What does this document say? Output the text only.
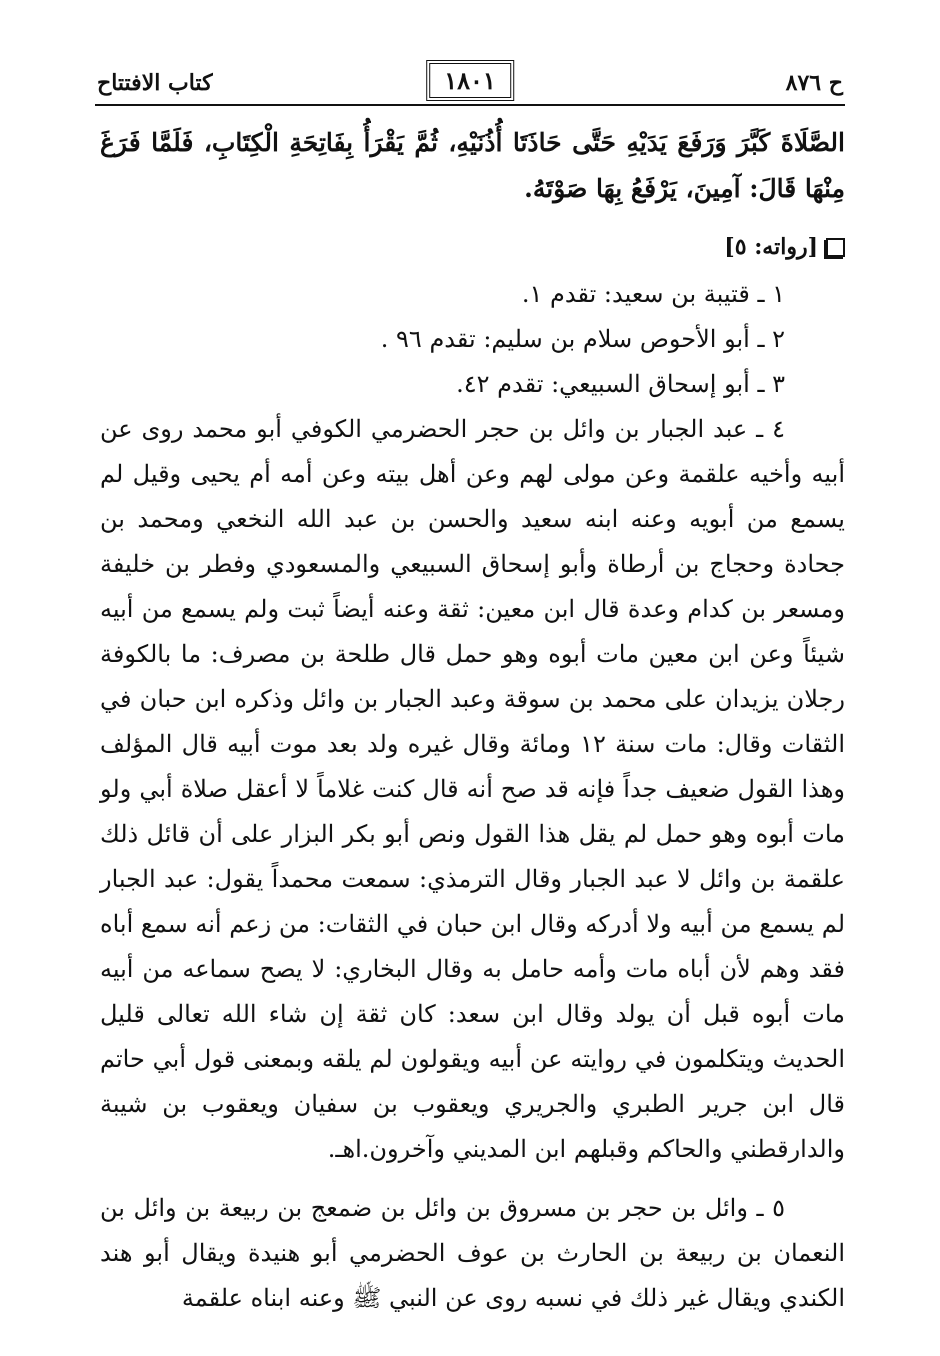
ح ٨٧٦
١٨٠١
كتاب الافتتاح

الصَّلَاةَ كَبَّرَ وَرَفَعَ يَدَيْهِ حَتَّى حَاذَتَا أُذُنَيْهِ، ثُمَّ يَقْرَأُ بِفَاتِحَةِ الْكِتَابِ، فَلَمَّا فَرَغَ مِنْهَا قَالَ: آمِينَ، يَرْفَعُ بِهَا صَوْتَهُ.

[رواته: ٥]
١ ـ قتيبة بن سعيد: تقدم ١.
٢ ـ أبو الأحوص سلام بن سليم: تقدم ٩٦ .
٣ ـ أبو إسحاق السبيعي: تقدم ٤٢.
٤ ـ عبد الجبار بن وائل بن حجر الحضرمي الكوفي أبو محمد روى عن أبيه وأخيه علقمة وعن مولى لهم وعن أهل بيته وعن أمه أم يحيى وقيل لم يسمع من أبويه وعنه ابنه سعيد والحسن بن عبد الله النخعي ومحمد بن جحادة وحجاج بن أرطاة وأبو إسحاق السبيعي والمسعودي وفطر بن خليفة ومسعر بن كدام وعدة قال ابن معين: ثقة وعنه أيضاً ثبت ولم يسمع من أبيه شيئاً وعن ابن معين مات أبوه وهو حمل قال طلحة بن مصرف: ما بالكوفة رجلان يزيدان على محمد بن سوقة وعبد الجبار بن وائل وذكره ابن حبان في الثقات وقال: مات سنة ١٢ ومائة وقال غيره ولد بعد موت أبيه قال المؤلف وهذا القول ضعيف جداً فإنه قد صح أنه قال كنت غلاماً لا أعقل صلاة أبي ولو مات أبوه وهو حمل لم يقل هذا القول ونص أبو بكر البزار على أن قائل ذلك علقمة بن وائل لا عبد الجبار وقال الترمذي: سمعت محمداً يقول: عبد الجبار لم يسمع من أبيه ولا أدركه وقال ابن حبان في الثقات: من زعم أنه سمع أباه فقد وهم لأن أباه مات وأمه حامل به وقال البخاري: لا يصح سماعه من أبيه مات أبوه قبل أن يولد وقال ابن سعد: كان ثقة إن شاء الله تعالى قليل الحديث ويتكلمون في روايته عن أبيه ويقولون لم يلقه وبمعنى قول أبي حاتم قال ابن جرير الطبري والجريري ويعقوب بن سفيان ويعقوب بن شيبة والدارقطني والحاكم وقبلهم ابن المديني وآخرون.اهـ.
٥ ـ وائل بن حجر بن مسروق بن وائل بن ضمعج بن ربيعة بن وائل بن النعمان بن ربيعة بن الحارث بن عوف الحضرمي أبو هنيدة ويقال أبو هند الكندي ويقال غير ذلك في نسبه روى عن النبي ﷺ وعنه ابناه علقمة
